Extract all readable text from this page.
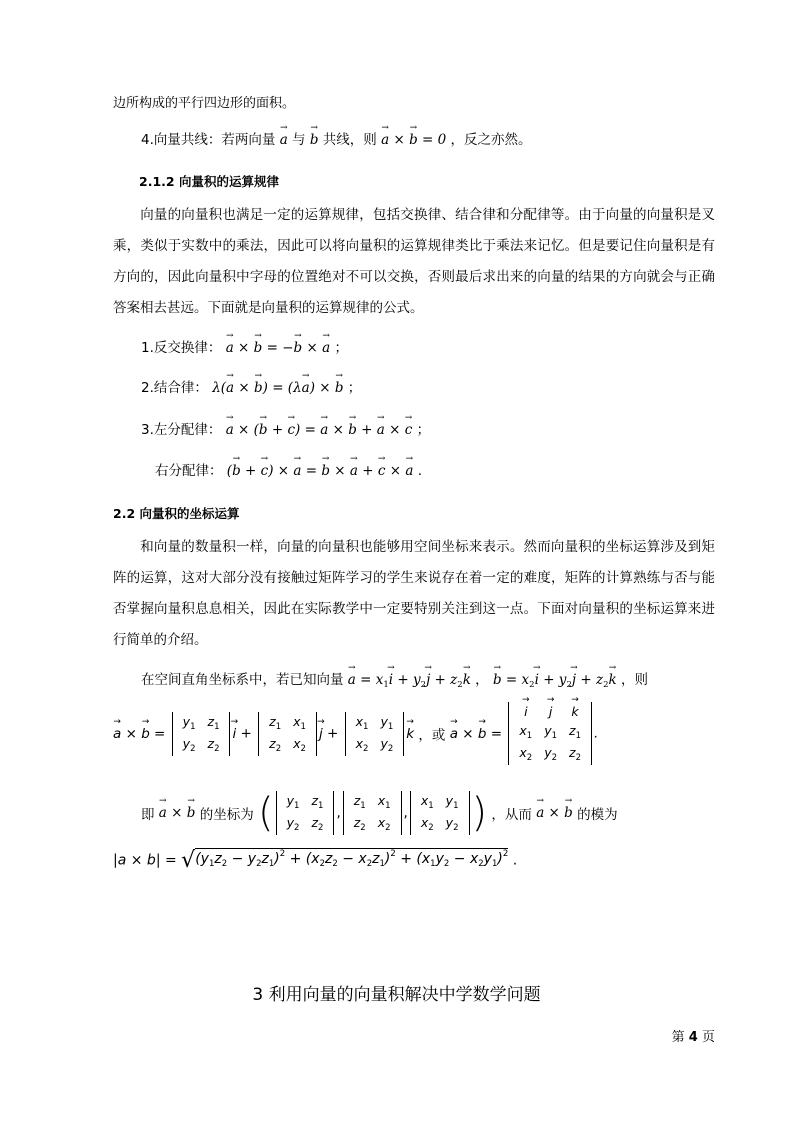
边所构成的平行四边形的面积。
4.向量共线：若两向量 a → 与 b → 共线，则 a → × b → = 0 ，反之亦然。
2.1.2 向量积的运算规律
向量的向量积也满足一定的运算规律，包括交换律、结合律和分配律等。由于向量的向量积是叉乘，类似于实数中的乘法，因此可以将向量积的运算规律类比于乘法来记忆。但是要记住向量积是有方向的，因此向量积中字母的位置绝对不可以交换，否则最后求出来的向量的结果的方向就会与正确答案相去甚远。下面就是向量积的运算规律的公式。
1.反交换律： a → × b → = −b → × a → ；
2.结合律： λ(a → × b →) = (λa →) × b → ；
3.左分配律： a → × (b → + c →) = a → × b → + a → × c → ；
右分配律： (b → + c →) × a → = b → × a → + c → × a → .
2.2 向量积的坐标运算
和向量的数量积一样，向量的向量积也能够用空间坐标来表示。然而向量积的坐标运算涉及到矩阵的运算，这对大部分没有接触过矩阵学习的学生来说存在着一定的难度，矩阵的计算熟练与否与能否掌握向量积息息相关，因此在实际教学中一定要特别关注到这一点。下面对向量积的坐标运算来进行简单的介绍。
在空间直角坐标系中，若已知向量 a → = $x_1i$ → + $y_2j$ → + $z_2k$ → ， b → = $x_2i$ → + $y_2j$ → + $z_2k$ → ，则
a → × b → =
$y_1$	$z_1$
$y_2$	$z_2$
i → +
$z_1$	$x_1$
$z_2$	$x_2$
j → +
$x_1$	$y_1$
$x_2$	$y_2$
k → ，或 a → × b → =
i →	j →	k →
$x_1$	$y_1$	$z_1$
$x_2$	$y_2$	$z_2$
.
即 a → × b → 的坐标为 ( $y_1$	$z_1$
$y_2$	$z_2$
,
$z_1$	$x_1$
$z_2$	$x_2$
,
$x_1$	$y_1$
$x_2$	$y_2$ ) ，从而 a → × b → 的模为
$|a \times b| = √(y_1z_2 - y_2z_1)^2 + (x_2z_2 - x_2z_1)^2 + (x_1y_2 - x_2y_1)^2$ .
3 利用向量的向量积解决中学数学问题
第 4 页
